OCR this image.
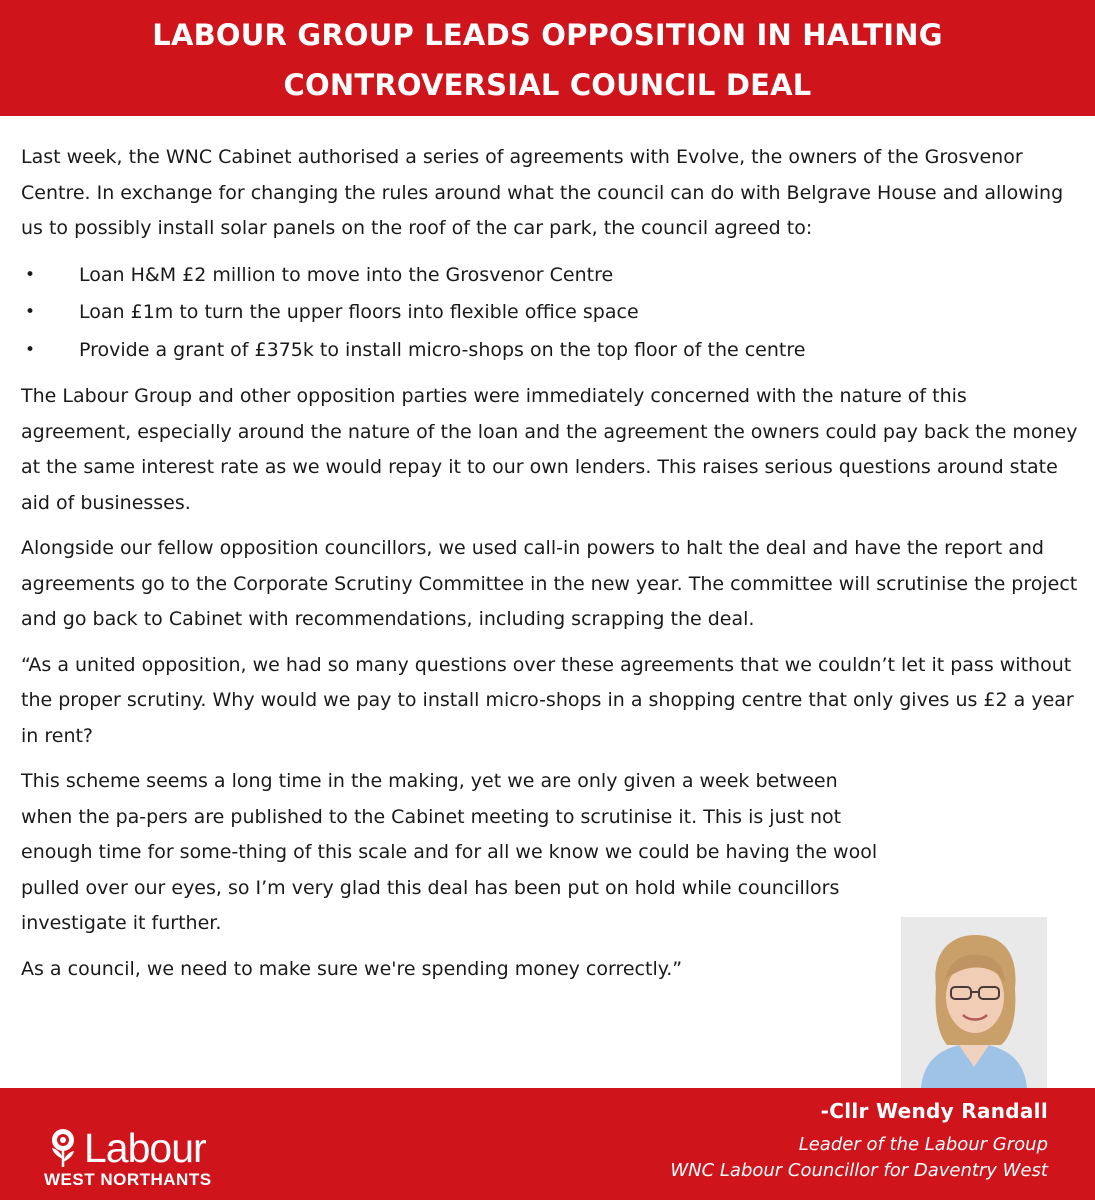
LABOUR GROUP LEADS OPPOSITION IN HALTING
CONTROVERSIAL COUNCIL DEAL

Last week, the WNC Cabinet authorised a series of agreements with Evolve, the owners of the Grosvenor Centre. In exchange for changing the rules around what the council can do with Belgrave House and allowing us to possibly install solar panels on the roof of the car park, the council agreed to:

• Loan H&M £2 million to move into the Grosvenor Centre
• Loan £1m to turn the upper floors into flexible office space
• Provide a grant of £375k to install micro-shops on the top floor of the centre

The Labour Group and other opposition parties were immediately concerned with the nature of this agreement, especially around the nature of the loan and the agreement the owners could pay back the money at the same interest rate as we would repay it to our own lenders. This raises serious questions around state aid of businesses.

Alongside our fellow opposition councillors, we used call-in powers to halt the deal and have the report and agreements go to the Corporate Scrutiny Committee in the new year. The committee will scrutinise the project and go back to Cabinet with recommendations, including scrapping the deal.

“As a united opposition, we had so many questions over these agreements that we couldn’t let it pass without the proper scrutiny. Why would we pay to install micro-shops in a shopping centre that only gives us £2 a year in rent?

This scheme seems a long time in the making, yet we are only given a week between when the pa-pers are published to the Cabinet meeting to scrutinise it. This is just not enough time for some-thing of this scale and for all we know we could be having the wool pulled over our eyes, so I’m very glad this deal has been put on hold while councillors investigate it further.

As a council, we need to make sure we're spending money correctly.”

Labour
WEST NORTHANTS
-Cllr Wendy Randall
Leader of the Labour Group
WNC Labour Councillor for Daventry West
